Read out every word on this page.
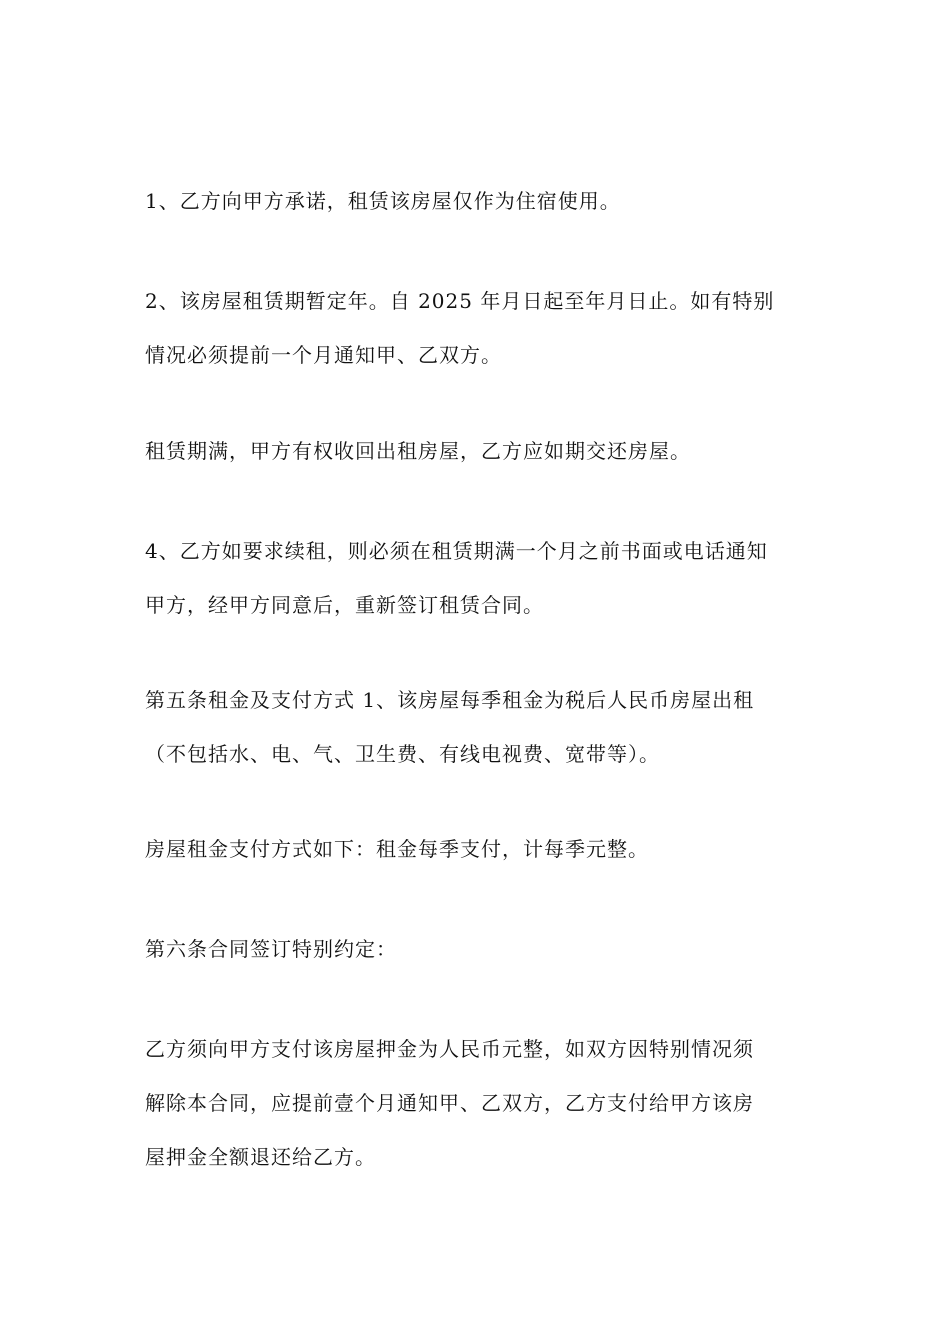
1、乙方向甲方承诺，租赁该房屋仅作为住宿使用。

2、该房屋租赁期暂定年。自 2025 年月日起至年月日止。如有特别
情况必须提前一个月通知甲、乙双方。

租赁期满，甲方有权收回出租房屋，乙方应如期交还房屋。

4、乙方如要求续租，则必须在租赁期满一个月之前书面或电话通知
甲方，经甲方同意后，重新签订租赁合同。

第五条租金及支付方式 1、该房屋每季租金为税后人民币房屋出租
（不包括水、电、气、卫生费、有线电视费、宽带等）。

房屋租金支付方式如下：租金每季支付，计每季元整。

第六条合同签订特别约定：

乙方须向甲方支付该房屋押金为人民币元整，如双方因特别情况须
解除本合同，应提前壹个月通知甲、乙双方，乙方支付给甲方该房
屋押金全额退还给乙方。
